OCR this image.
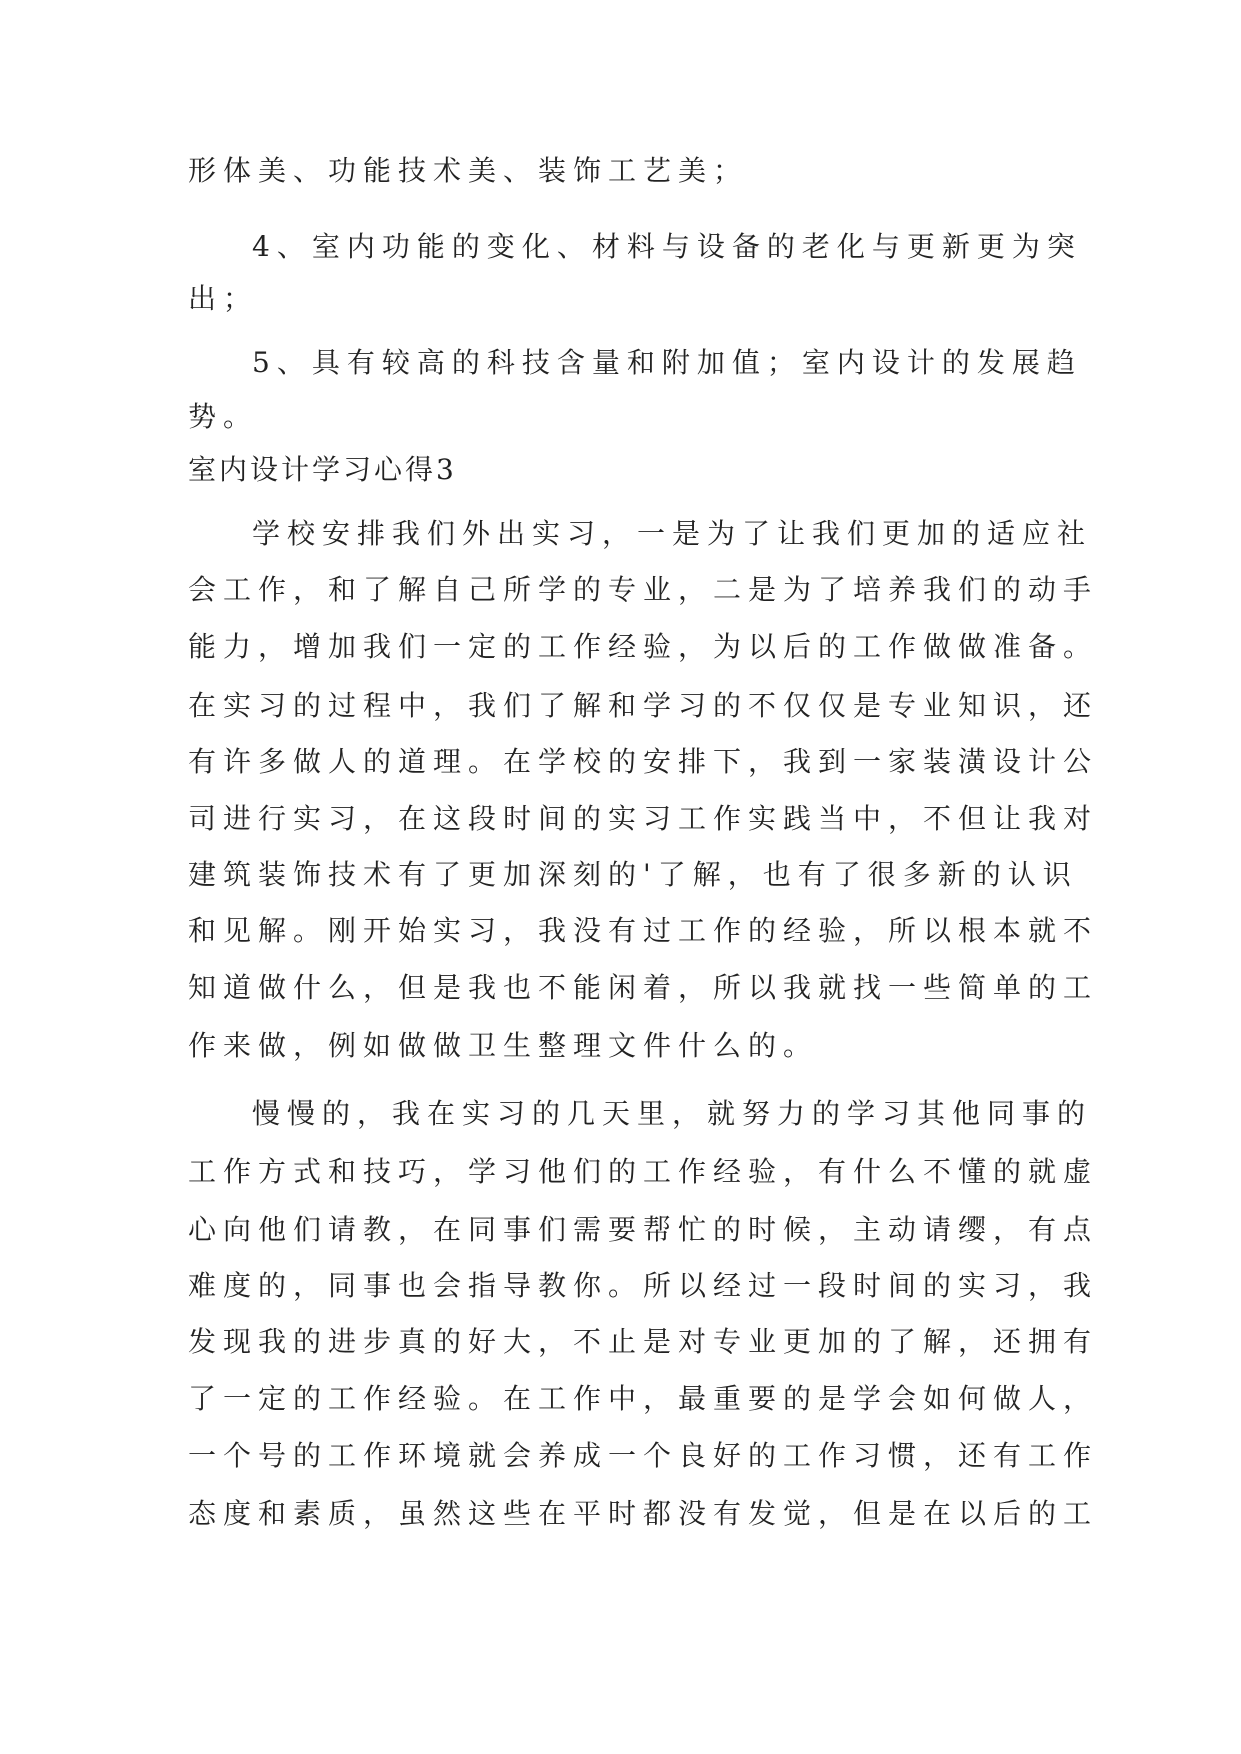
形体美、功能技术美、装饰工艺美；
4、室内功能的变化、材料与设备的老化与更新更为突
出；
5、具有较高的科技含量和附加值；室内设计的发展趋
势。
室内设计学习心得3
学校安排我们外出实习，一是为了让我们更加的适应社
会工作，和了解自己所学的专业，二是为了培养我们的动手
能力，增加我们一定的工作经验，为以后的工作做做准备。
在实习的过程中，我们了解和学习的不仅仅是专业知识，还
有许多做人的道理。在学校的安排下，我到一家装潢设计公
司进行实习，在这段时间的实习工作实践当中，不但让我对
建筑装饰技术有了更加深刻的'了解，也有了很多新的认识
和见解。刚开始实习，我没有过工作的经验，所以根本就不
知道做什么，但是我也不能闲着，所以我就找一些简单的工
作来做，例如做做卫生整理文件什么的。
慢慢的，我在实习的几天里，就努力的学习其他同事的
工作方式和技巧，学习他们的工作经验，有什么不懂的就虚
心向他们请教，在同事们需要帮忙的时候，主动请缨，有点
难度的，同事也会指导教你。所以经过一段时间的实习，我
发现我的进步真的好大，不止是对专业更加的了解，还拥有
了一定的工作经验。在工作中，最重要的是学会如何做人，
一个号的工作环境就会养成一个良好的工作习惯，还有工作
态度和素质，虽然这些在平时都没有发觉，但是在以后的工
